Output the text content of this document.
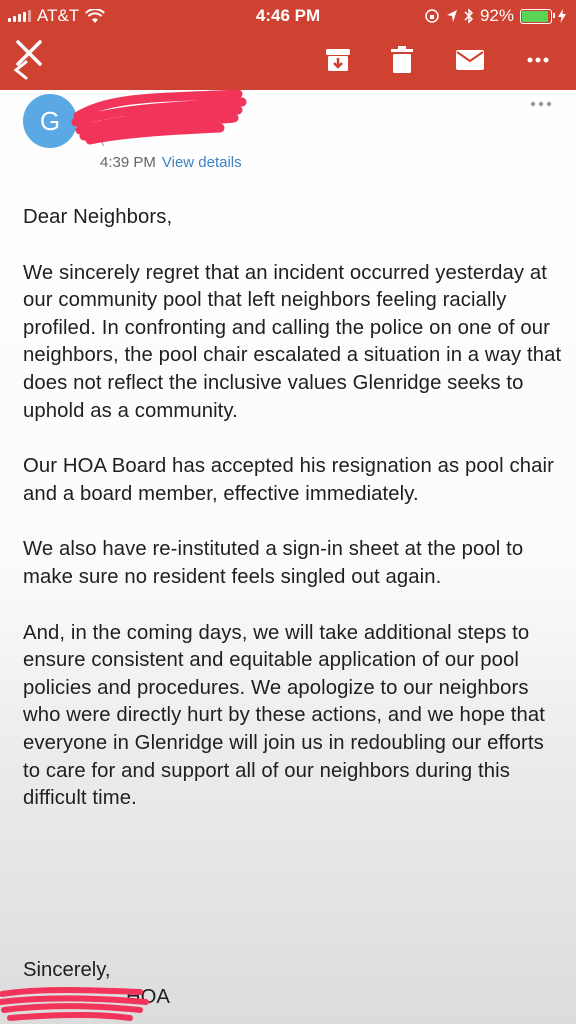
AT&T	4:46 PM	92%
G
HOA
(
4:39 PM View details

Dear Neighbors,

We sincerely regret that an incident occurred yesterday at our community pool that left neighbors feeling racially profiled. In confronting and calling the police on one of our neighbors, the pool chair escalated a situation in a way that does not reflect the inclusive values Glenridge seeks to uphold as a community.

Our HOA Board has accepted his resignation as pool chair and a board member, effective immediately.

We also have re-instituted a sign-in sheet at the pool to make sure no resident feels singled out again.

And, in the coming days, we will take additional steps to ensure consistent and equitable application of our pool policies and procedures. We apologize to our neighbors who were directly hurt by these actions, and we hope that everyone in Glenridge will join us in redoubling our efforts to care for and support all of our neighbors during this difficult time.

Sincerely,
HOA
